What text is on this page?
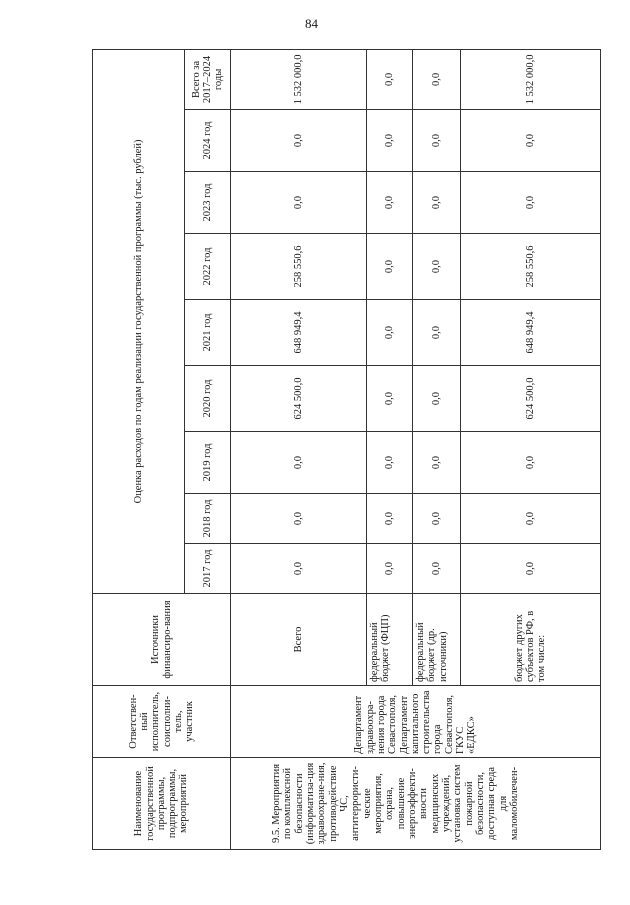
84
Наименование государственной программы, подпрограммы, мероприятий	Ответствен-ный исполнитель, соисполни-тель, участник	Источники финансиро-вания	Оценка расходов по годам реализации государственной программы (тыс. рублей)								
			2017 год	2018 год	2019 год	2020 год	2021 год	2022 год	2023 год	2024 год	Всего за 2017–2024 годы
9.5. Мероприятия по комплексной безопасности (информатиза-ция здравоохране-ния, противодействие ЧС, антитеррористи-ческие мероприятия, охрана, повышение энергоэффекти-вности медицинских учреждений, установка систем пожарной безопасности, доступная среда для маломобилечен-	Департамент здравоохра-нения города Севастополя, Департамент капитального строительства города Севастополя, ГКУС «ЕДКС»	Всего	0,0	0,0	0,0	624 500,0	648 949,4	258 550,6	0,0	0,0	1 532 000,0
		федеральный бюджет (ФЦП)	0,0	0,0	0,0	0,0	0,0	0,0	0,0	0,0	0,0
		федеральный бюджет (др. источники)	0,0	0,0	0,0	0,0	0,0	0,0	0,0	0,0	0,0
		бюджет других субъектов РФ, в том числе:	0,0	0,0	0,0	624 500,0	648 949,4	258 550,6	0,0	0,0	1 532 000,0
